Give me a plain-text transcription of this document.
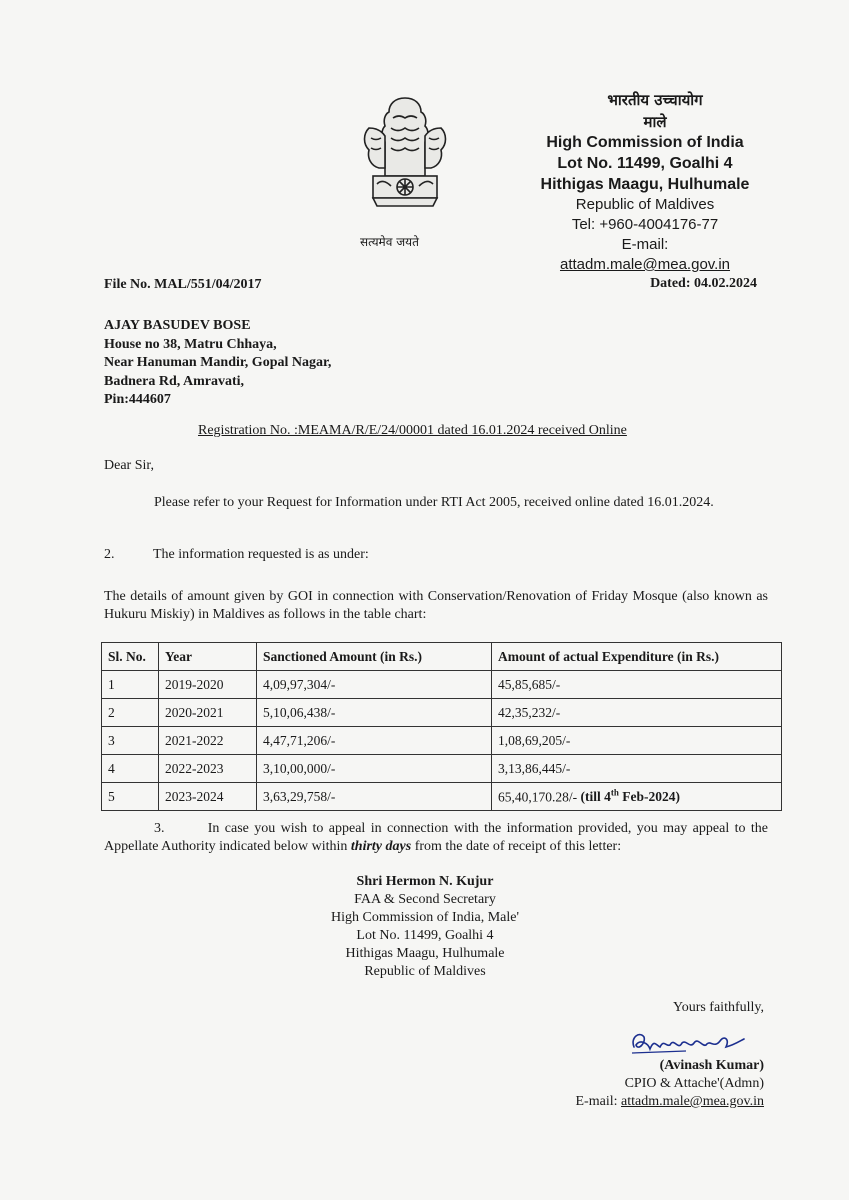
सत्यमेव जयते
भारतीय उच्चायोग
माले
High Commission of India
Lot No. 11499, Goalhi 4
Hithigas Maagu, Hulhumale
Republic of Maldives
Tel: +960-4004176-77
E-mail:
attadm.male@mea.gov.in
File No. MAL/551/04/2017	Dated: 04.02.2024
AJAY BASUDEV BOSE
House no 38, Matru Chhaya,
Near Hanuman Mandir, Gopal Nagar,
Badnera Rd, Amravati,
Pin:444607
Registration No. :MEAMA/R/E/24/00001 dated 16.01.2024 received Online
Dear Sir,
Please refer to your Request for Information under RTI Act 2005, received online dated 16.01.2024.
2.	The information requested is as under:
The details of amount given by GOI in connection with Conservation/Renovation of Friday Mosque (also known as Hukuru Miskiy) in Maldives as follows in the table chart:
Sl. No.	Year	Sanctioned Amount (in Rs.)	Amount of actual Expenditure (in Rs.)
1	2019-2020	4,09,97,304/-	45,85,685/-
2	2020-2021	5,10,06,438/-	42,35,232/-
3	2021-2022	4,47,71,206/-	1,08,69,205/-
4	2022-2023	3,10,00,000/-	3,13,86,445/-
5	2023-2024	3,63,29,758/-	65,40,170.28/- (till 4th Feb-2024)
3.	In case you wish to appeal in connection with the information provided, you may appeal to the Appellate Authority indicated below within thirty days from the date of receipt of this letter:
Shri Hermon N. Kujur
FAA & Second Secretary
High Commission of India, Male'
Lot No. 11499, Goalhi 4
Hithigas Maagu, Hulhumale
Republic of Maldives
Yours faithfully,
(Avinash Kumar)
CPIO & Attache'(Admn)
E-mail: attadm.male@mea.gov.in
